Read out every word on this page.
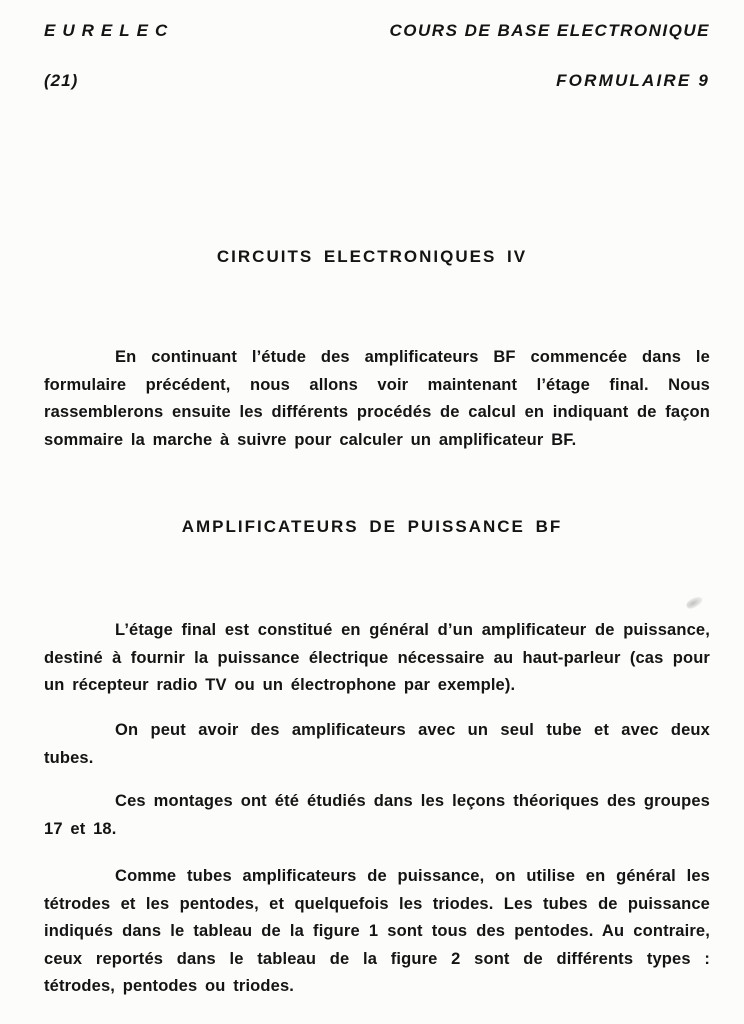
EURELEC	COURS DE BASE ELECTRONIQUE
(21)	FORMULAIRE 9
CIRCUITS ELECTRONIQUES IV

En continuant l’étude des amplificateurs BF commencée dans le formulaire précédent, nous allons voir maintenant l’étage final. Nous rassemblerons ensuite les différents procédés de calcul en indiquant de façon sommaire la marche à suivre pour calculer un amplificateur BF.

AMPLIFICATEURS DE PUISSANCE BF

L’étage final est constitué en général d’un amplificateur de puissance, destiné à fournir la puissance électrique nécessaire au haut-parleur (cas pour un récepteur radio TV ou un électrophone par exemple).

On peut avoir des amplificateurs avec un seul tube et avec deux tubes.

Ces montages ont été étudiés dans les leçons théoriques des groupes 17 et 18.

Comme tubes amplificateurs de puissance, on utilise en général les tétrodes et les pentodes, et quelquefois les triodes. Les tubes de puissance indiqués dans le tableau de la figure 1 sont tous des pentodes. Au contraire, ceux reportés dans le tableau de la figure 2 sont de différents types : tétrodes, pentodes ou triodes.
